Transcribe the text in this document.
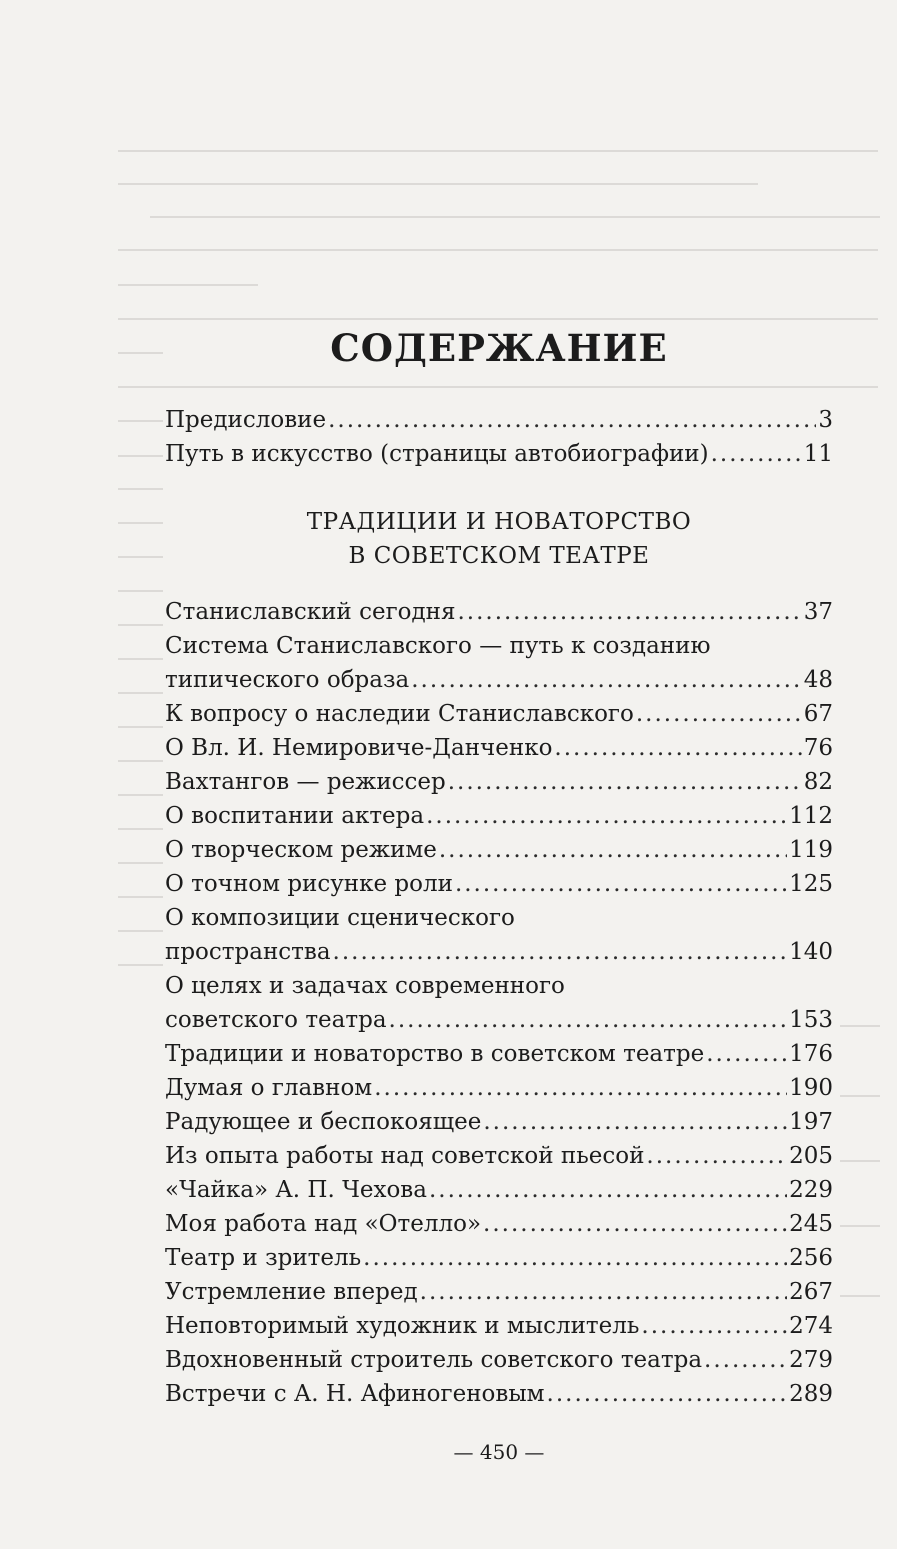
СОДЕРЖАНИЕ
Предисловие .....	3
Путь в искусство (страницы автобиографии) .....	11
ТРАДИЦИИ И НОВАТОРСТВО
В СОВЕТСКОМ ТЕАТРЕ
Станиславский сегодня .....	37
Система Станиславского — путь к созданию
типического образа .....	48
К вопросу о наследии Станиславского .....	67
О Вл. И. Немировиче-Данченко .....	76
Вахтангов — режиссер .....	82
О воспитании актера .....	112
О творческом режиме .....	119
О точном рисунке роли .....	125
О композиции сценического
пространства .....	140
О целях и задачах современного
советского театра .....	153
Традиции и новаторство в советском театре .....	176
Думая о главном .....	190
Радующее и беспокоящее .....	197
Из опыта работы над советской пьесой .....	205
«Чайка» А. П. Чехова .....	229
Моя работа над «Отелло» .....	245
Театр и зритель .....	256
Устремление вперед .....	267
Неповторимый художник и мыслитель .....	274
Вдохновенный строитель советского театра .....	279
Встречи с А. Н. Афиногеновым .....	289
— 450 —
